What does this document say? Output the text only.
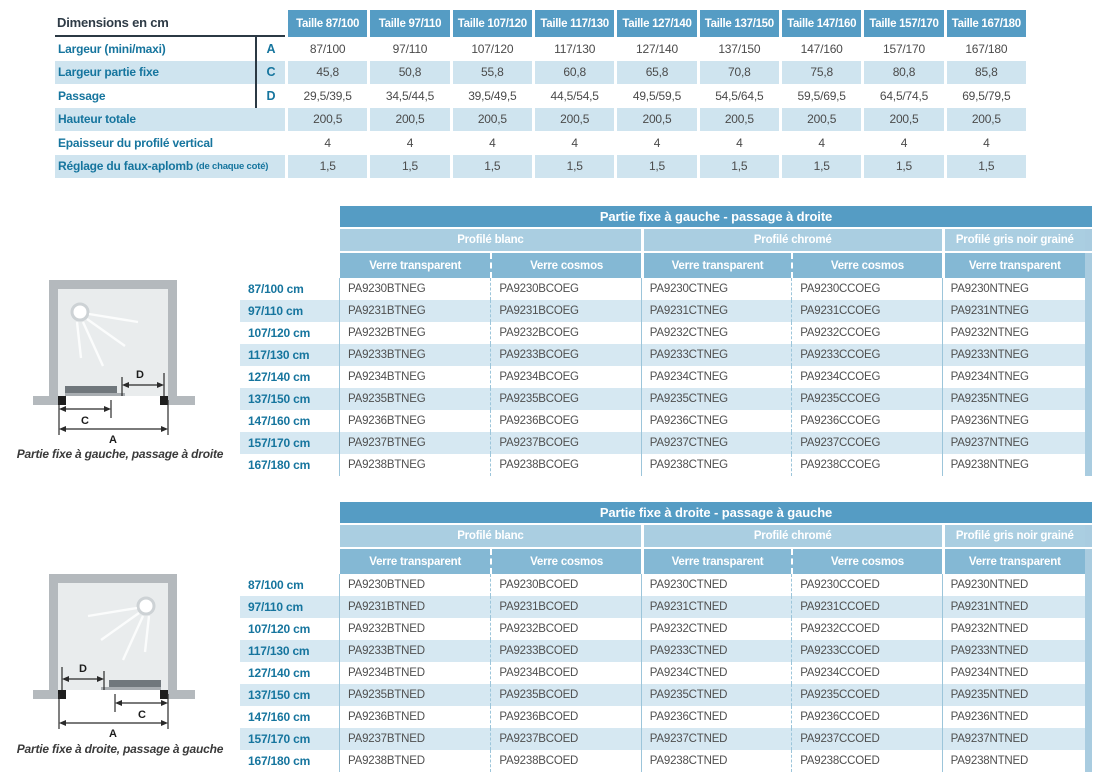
Dimensions en cm	Taille 87/100	Taille 97/110	Taille 107/120	Taille 117/130	Taille 127/140	Taille 137/150	Taille 147/160	Taille 157/170	Taille 167/180
Largeur (mini/maxi)	A	87/100	97/110	107/120	117/130	127/140	137/150	147/160	157/170	167/180
Largeur partie fixe	C	45,8	50,8	55,8	60,8	65,8	70,8	75,8	80,8	85,8
Passage	D	29,5/39,5	34,5/44,5	39,5/49,5	44,5/54,5	49,5/59,5	54,5/64,5	59,5/69,5	64,5/74,5	69,5/79,5
Hauteur totale	200,5	200,5	200,5	200,5	200,5	200,5	200,5	200,5	200,5
Epaisseur du profilé vertical	4	4	4	4	4	4	4	4	4
Réglage du faux-aplomb (de chaque coté)	1,5	1,5	1,5	1,5	1,5	1,5	1,5	1,5	1,5
D
C
A
Partie fixe à gauche, passage à droite
D
C
A
Partie fixe à droite, passage à gauche
Partie fixe à gauche - passage à droite
Profilé blanc	Profilé chromé	Profilé gris noir grainé
Verre transparent	Verre cosmos	Verre transparent	Verre cosmos	Verre transparent
87/100 cm	PA9230BTNEG	PA9230BCOEG	PA9230CTNEG	PA9230CCOEG	PA9230NTNEG
97/110 cm	PA9231BTNEG	PA9231BCOEG	PA9231CTNEG	PA9231CCOEG	PA9231NTNEG
107/120 cm	PA9232BTNEG	PA9232BCOEG	PA9232CTNEG	PA9232CCOEG	PA9232NTNEG
117/130 cm	PA9233BTNEG	PA9233BCOEG	PA9233CTNEG	PA9233CCOEG	PA9233NTNEG
127/140 cm	PA9234BTNEG	PA9234BCOEG	PA9234CTNEG	PA9234CCOEG	PA9234NTNEG
137/150 cm	PA9235BTNEG	PA9235BCOEG	PA9235CTNEG	PA9235CCOEG	PA9235NTNEG
147/160 cm	PA9236BTNEG	PA9236BCOEG	PA9236CTNEG	PA9236CCOEG	PA9236NTNEG
157/170 cm	PA9237BTNEG	PA9237BCOEG	PA9237CTNEG	PA9237CCOEG	PA9237NTNEG
167/180 cm	PA9238BTNEG	PA9238BCOEG	PA9238CTNEG	PA9238CCOEG	PA9238NTNEG
Partie fixe à droite - passage à gauche
Profilé blanc	Profilé chromé	Profilé gris noir grainé
Verre transparent	Verre cosmos	Verre transparent	Verre cosmos	Verre transparent
87/100 cm	PA9230BTNED	PA9230BCOED	PA9230CTNED	PA9230CCOED	PA9230NTNED
97/110 cm	PA9231BTNED	PA9231BCOED	PA9231CTNED	PA9231CCOED	PA9231NTNED
107/120 cm	PA9232BTNED	PA9232BCOED	PA9232CTNED	PA9232CCOED	PA9232NTNED
117/130 cm	PA9233BTNED	PA9233BCOED	PA9233CTNED	PA9233CCOED	PA9233NTNED
127/140 cm	PA9234BTNED	PA9234BCOED	PA9234CTNED	PA9234CCOED	PA9234NTNED
137/150 cm	PA9235BTNED	PA9235BCOED	PA9235CTNED	PA9235CCOED	PA9235NTNED
147/160 cm	PA9236BTNED	PA9236BCOED	PA9236CTNED	PA9236CCOED	PA9236NTNED
157/170 cm	PA9237BTNED	PA9237BCOED	PA9237CTNED	PA9237CCOED	PA9237NTNED
167/180 cm	PA9238BTNED	PA9238BCOED	PA9238CTNED	PA9238CCOED	PA9238NTNED
